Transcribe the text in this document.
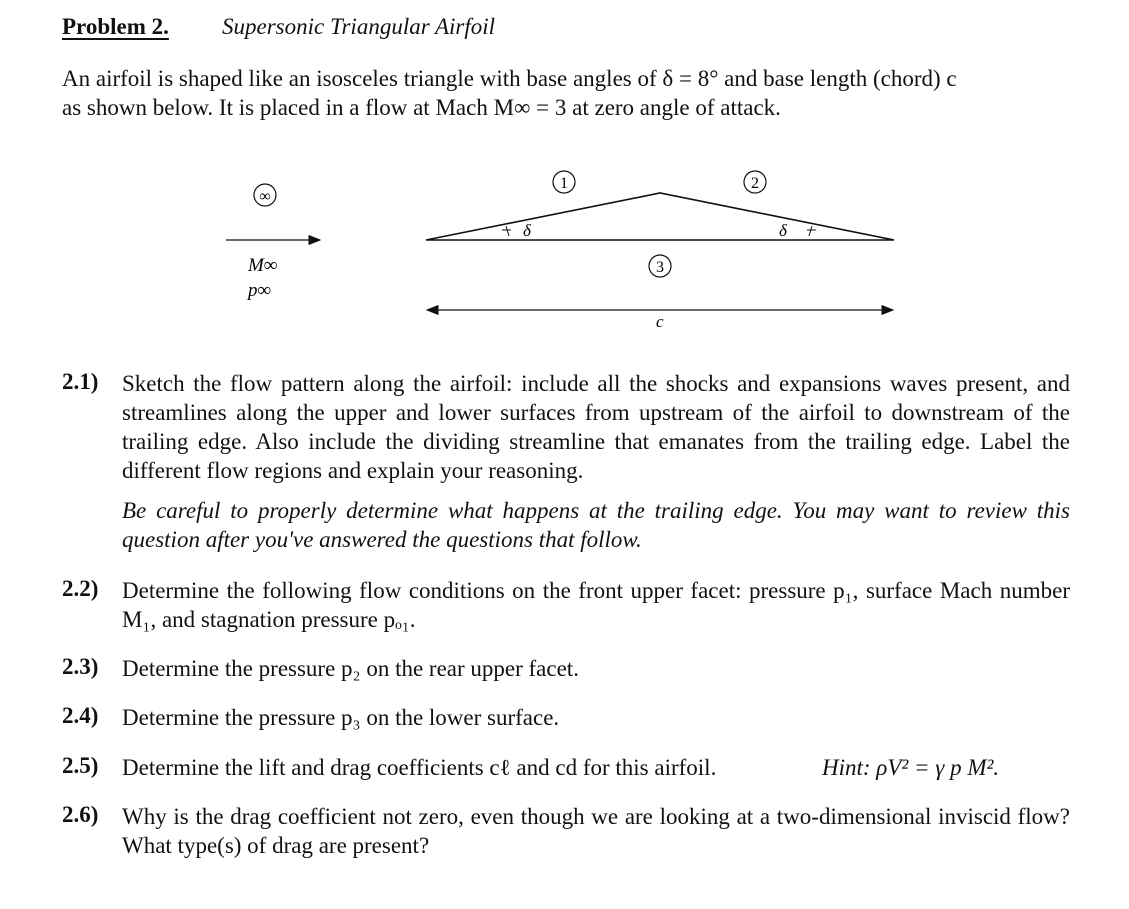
Problem 2. Supersonic Triangular Airfoil
An airfoil is shaped like an isosceles triangle with base angles of δ = 8° and base length (chord) c
as shown below. It is placed in a flow at Mach M∞ = 3 at zero angle of attack.
∞
M∞
p∞
δ	δ
1	2
3
c
2.1) Sketch the flow pattern along the airfoil: include all the shocks and expansions waves present, and streamlines along the upper and lower surfaces from upstream of the airfoil to downstream of the trailing edge. Also include the dividing streamline that emanates from the trailing edge. Label the different flow regions and explain your reasoning.
Be careful to properly determine what happens at the trailing edge. You may want to review this question after you've answered the questions that follow.
2.2) Determine the following flow conditions on the front upper facet: pressure p₁, surface Mach number M₁, and stagnation pressure pₒ₁.
2.3) Determine the pressure p₂ on the rear upper facet.
2.4) Determine the pressure p₃ on the lower surface.
2.5) Determine the lift and drag coefficients cℓ and cd for this airfoil.	Hint: ρV² = γ p M².
2.6) Why is the drag coefficient not zero, even though we are looking at a two-dimensional inviscid flow? What type(s) of drag are present?
